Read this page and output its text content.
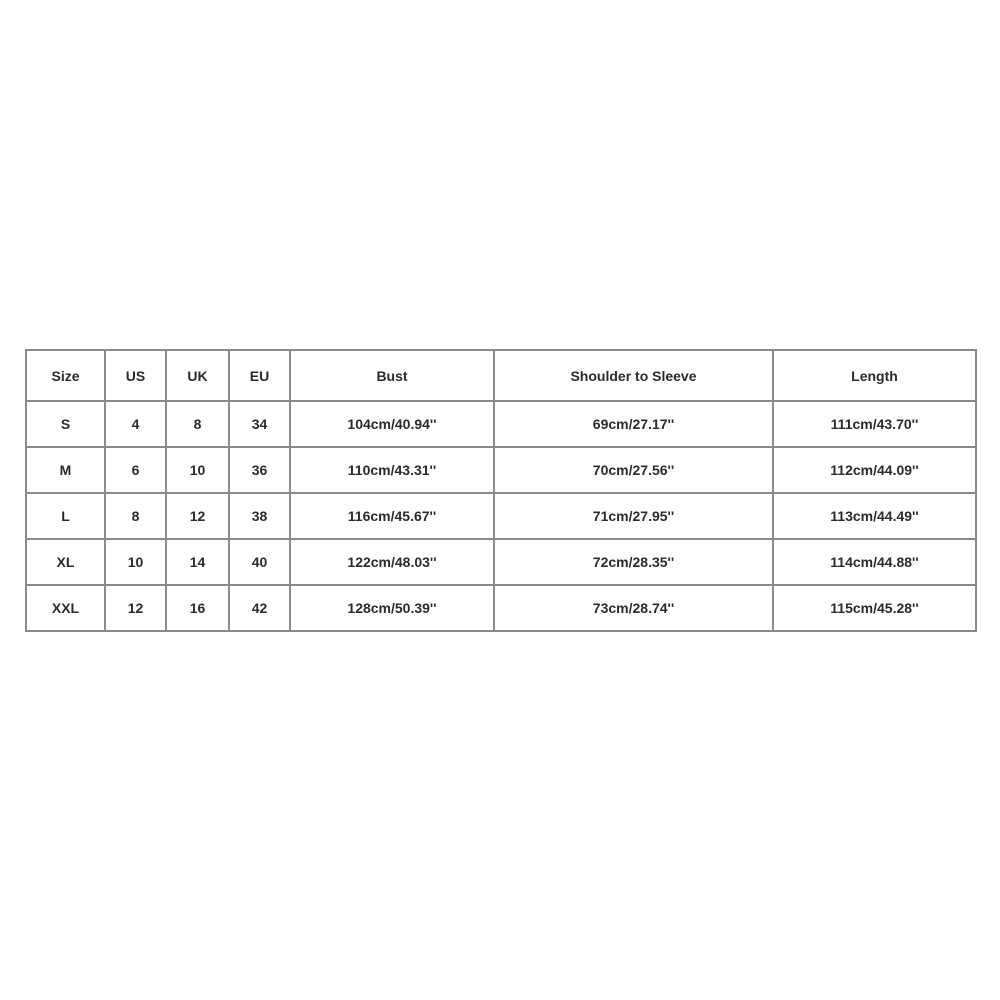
Size	US	UK	EU	Bust	Shoulder to Sleeve	Length
S	4	8	34	104cm/40.94''	69cm/27.17''	111cm/43.70''
M	6	10	36	110cm/43.31''	70cm/27.56''	112cm/44.09''
L	8	12	38	116cm/45.67''	71cm/27.95''	113cm/44.49''
XL	10	14	40	122cm/48.03''	72cm/28.35''	114cm/44.88''
XXL	12	16	42	128cm/50.39''	73cm/28.74''	115cm/45.28''
